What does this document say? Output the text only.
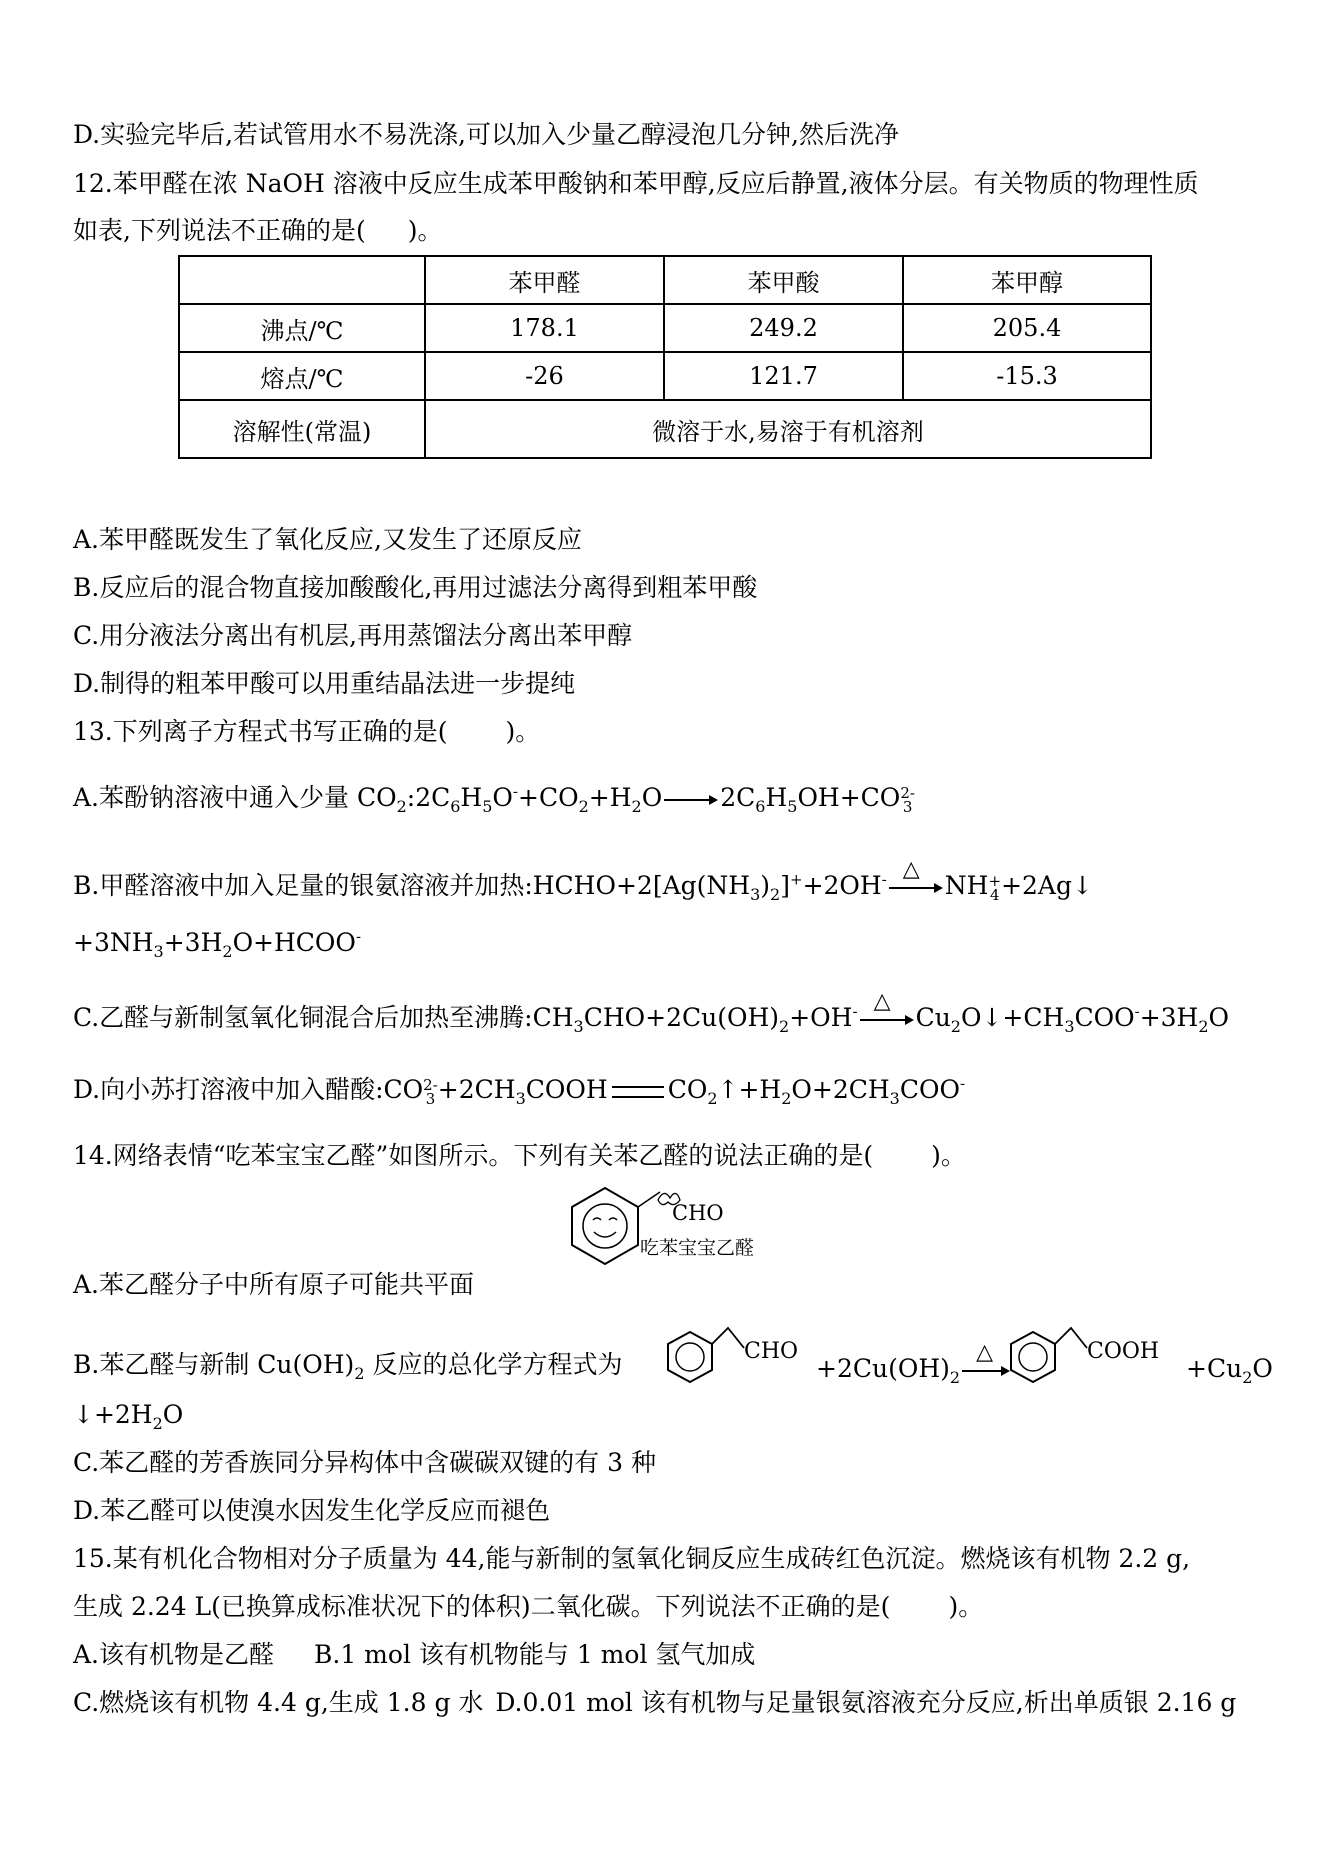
D.实验完毕后,若试管用水不易洗涤,可以加入少量乙醇浸泡几分钟,然后洗净
12.苯甲醛在浓 NaOH 溶液中反应生成苯甲酸钠和苯甲醇,反应后静置,液体分层。有关物质的物理性质
如表,下列说法不正确的是( )。
	苯甲醛	苯甲酸	苯甲醇
沸点/℃	178.1	249.2	205.4
熔点/℃	-26	121.7	-15.3
溶解性(常温)	微溶于水,易溶于有机溶剂		
A.苯甲醛既发生了氧化反应,又发生了还原反应
B.反应后的混合物直接加酸酸化,再用过滤法分离得到粗苯甲酸
C.用分液法分离出有机层,再用蒸馏法分离出苯甲醇
D.制得的粗苯甲酸可以用重结晶法进一步提纯
13.下列离子方程式书写正确的是( )。
A.苯酚钠溶液中通入少量 $CO_2:2C_6H_5O^-+CO_2+H_2O$ $2C_6H_5OH+CO$ 2-
3
B.甲醛溶液中加入足量的银氨溶液并加热$:HCHO+2[Ag(NH_3)_2]^++2OH^-$ △
NH +
4 +2Ag↓
$+3NH_3+3H_2O+HCOO^-$
C.乙醛与新制氢氧化铜混合后加热至沸腾$:CH_3CHO+2Cu(OH)_2+OH^-$ △
$Cu_2O↓+CH_3COO^-+3H_2O$
D.向小苏打溶液中加入醋酸:CO 2-
$3 +2CH_3COOH$ $CO_2↑+H_2O+2CH_3COO^-$
14.网络表情“吃苯宝宝乙醛”如图所示。下列有关苯乙醛的说法正确的是( )。
CHO
吃苯宝宝乙醛
A.苯乙醛分子中所有原子可能共平面
B.苯乙醛与新制 $Cu(OH)_2$ 反应的总化学方程式为	CHO
$+2Cu(OH)_2$
△	COOH
$+Cu_2O$
$↓+2H_2O$
C.苯乙醛的芳香族同分异构体中含碳碳双键的有 3 种
D.苯乙醛可以使溴水因发生化学反应而褪色
15.某有机化合物相对分子质量为 44,能与新制的氢氧化铜反应生成砖红色沉淀。燃烧该有机物 2.2 g,
生成 2.24 L(已换算成标准状况下的体积)二氧化碳。下列说法不正确的是( )。
A.该有机物是乙醛 B.1 mol 该有机物能与 1 mol 氢气加成
C.燃烧该有机物 4.4 g,生成 1.8 g 水 D.0.01 mol 该有机物与足量银氨溶液充分反应,析出单质银 2.16 g
